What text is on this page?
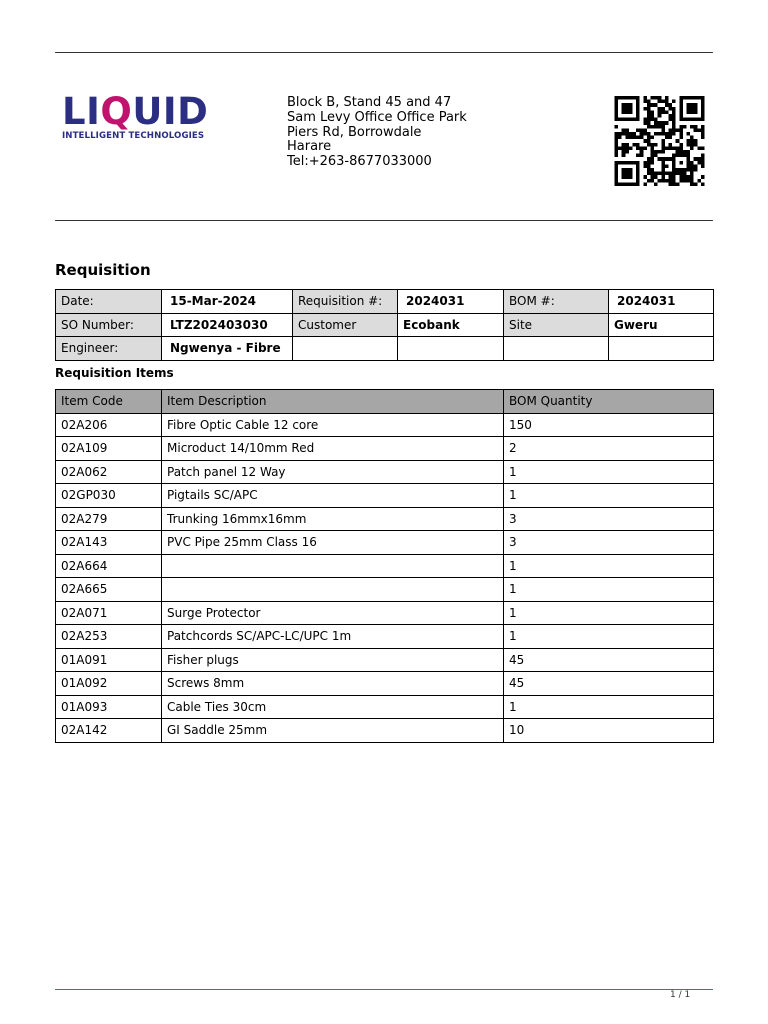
LI Q UID
INTELLIGENT TECHNOLOGIES
Block B, Stand 45 and 47
Sam Levy Office Office Park
Piers Rd, Borrowdale
Harare
Tel:+263-8677033000
Requisition
Date:	15-Mar-2024	Requisition #:	2024031	BOM #:	2024031
SO Number:	LTZ202403030	Customer	Ecobank	Site	Gweru
Engineer:	Ngwenya - Fibre				
Requisition Items
Item Code	Item Description	BOM Quantity
02A206	Fibre Optic Cable 12 core	150
02A109	Microduct 14/10mm Red	2
02A062	Patch panel 12 Way	1
02GP030	Pigtails SC/APC	1
02A279	Trunking 16mmx16mm	3
02A143	PVC Pipe 25mm Class 16	3
02A664		1
02A665		1
02A071	Surge Protector	1
02A253	Patchcords SC/APC-LC/UPC 1m	1
01A091	Fisher plugs	45
01A092	Screws 8mm	45
01A093	Cable Ties 30cm	1
02A142	GI Saddle 25mm	10
1 / 1
